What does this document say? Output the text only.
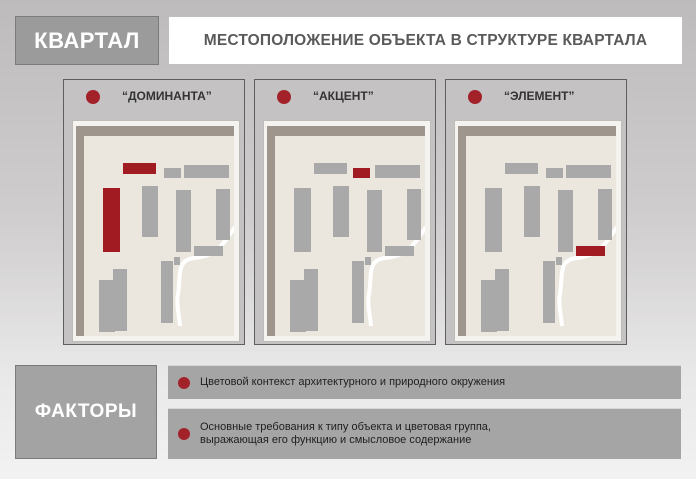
КВАРТАЛ	МЕСТОПОЛОЖЕНИЕ ОБЪЕКТА В СТРУКТУРЕ КВАРТАЛА
“ДОМИНАНТА”	“АКЦЕНТ”	“ЭЛЕМЕНТ”
ФАКТОРЫ
Цветовой контекст архитектурного и природного окружения
Основные требования к типу объекта и цветовая группа,
выражающая его функцию и смысловое содержание
